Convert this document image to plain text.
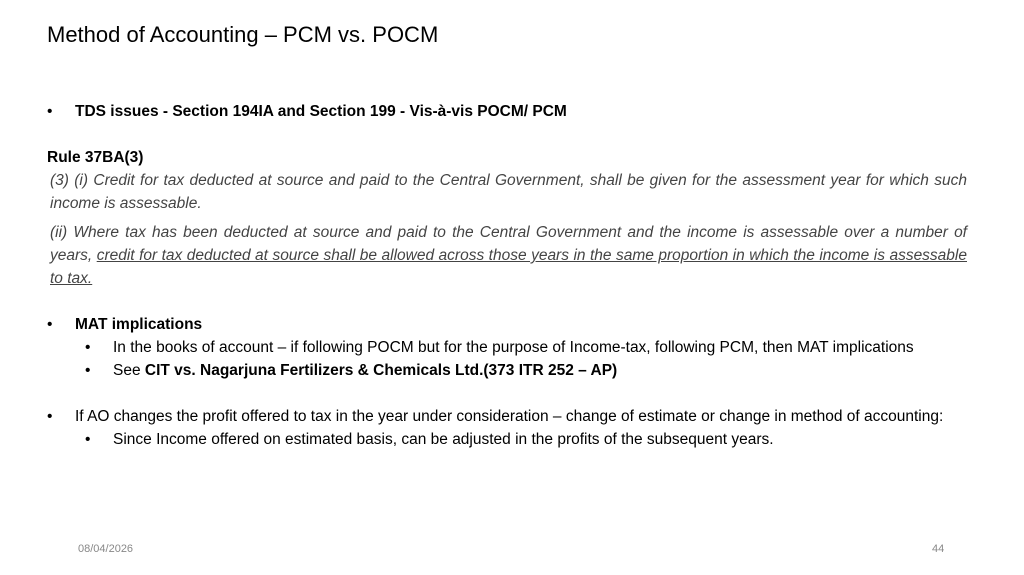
Method of Accounting – PCM vs. POCM
• TDS issues - Section 194IA and Section 199 - Vis-à-vis POCM/ PCM
Rule 37BA(3)

(3) (i) Credit for tax deducted at source and paid to the Central Government, shall be given for the assessment year for which such income is assessable.

(ii) Where tax has been deducted at source and paid to the Central Government and the income is assessable over a number of years, credit for tax deducted at source shall be allowed across those years in the same proportion in which the income is assessable to tax.

• MAT implications
• In the books of account – if following POCM but for the purpose of Income-tax, following PCM, then MAT implications
• See CIT vs. Nagarjuna Fertilizers & Chemicals Ltd.(373 ITR 252 – AP)
• If AO changes the profit offered to tax in the year under consideration – change of estimate or change in method of accounting:
• Since Income offered on estimated basis, can be adjusted in the profits of the subsequent years.
08/04/2026	44
